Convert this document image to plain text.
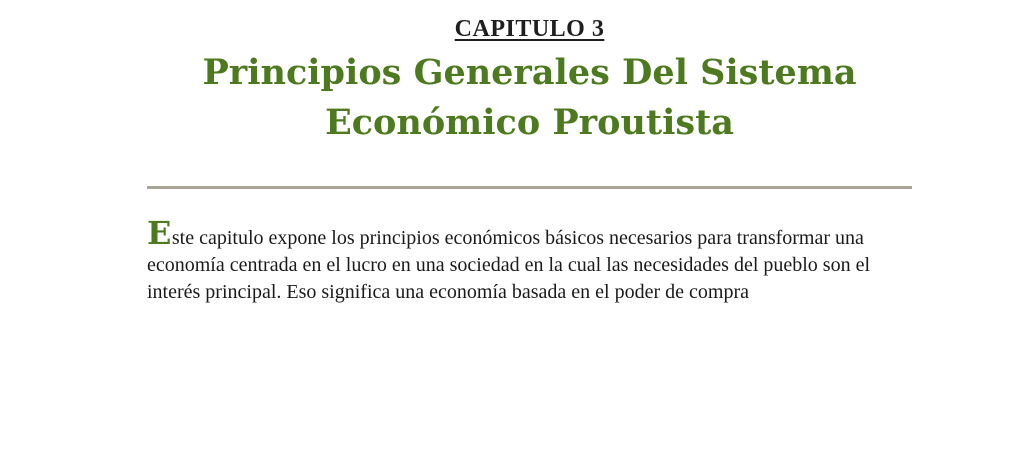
CAPITULO 3
Principios Generales Del Sistema
Económico Proutista

Este capitulo expone los principios económicos básicos necesarios para transformar una economía centrada en el lucro en una sociedad en la cual las necesidades del pueblo son el interés principal. Eso significa una economía basada en el poder de compra
